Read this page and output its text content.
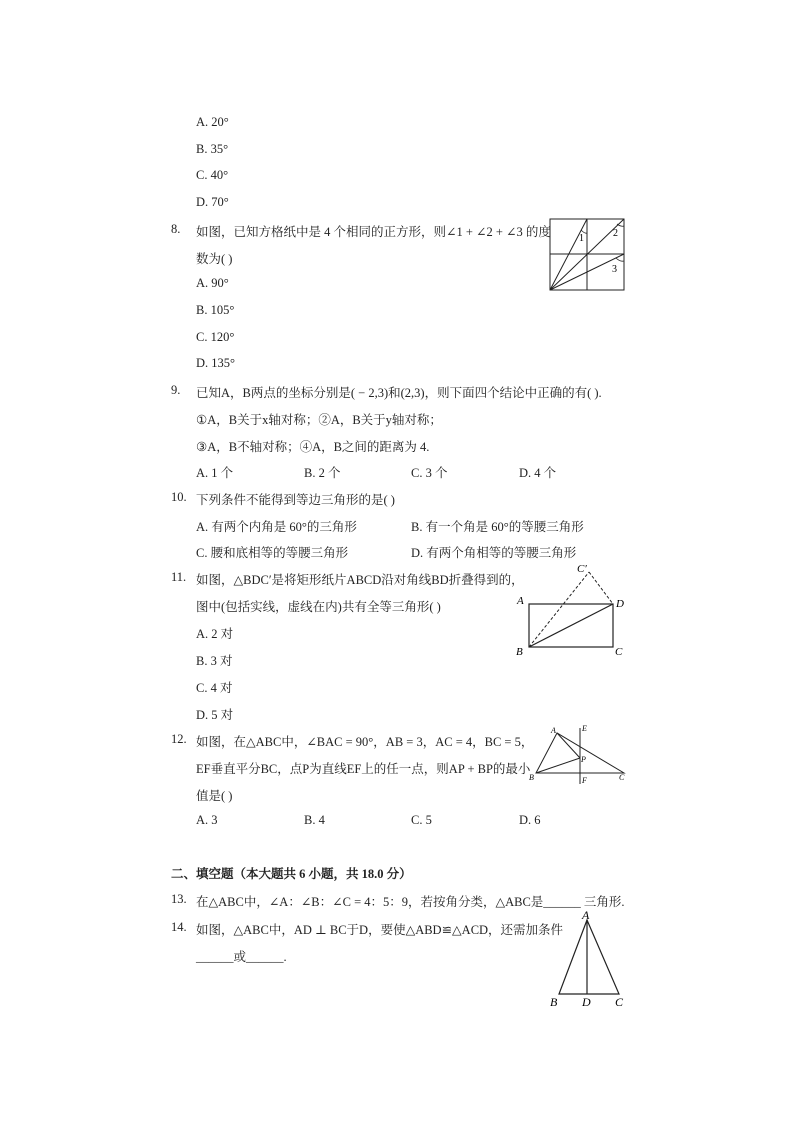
A. 20°
B. 35°
C. 40°
D. 70°
8. 如图，已知方格纸中是 4 个相同的正方形，则∠1 + ∠2 + ∠3 的度
数为( )
A. 90°
B. 105°
C. 120°
D. 135°
1	2
3
9. 已知A，B两点的坐标分别是( − 2,3)和(2,3)，则下面四个结论中正确的有( ).
①A，B关于x轴对称；②A，B关于y轴对称；
③A，B不轴对称；④A，B之间的距离为 4.
A. 1 个	B. 2 个	C. 3 个	D. 4 个
10. 下列条件不能得到等边三角形的是( )
A. 有两个内角是 60°的三角形	B. 有一个角是 60°的等腰三角形
C. 腰和底相等的等腰三角形	D. 有两个角相等的等腰三角形
11. 如图，△BDC′是将矩形纸片ABCD沿对角线BD折叠得到的，
图中(包括实线，虚线在内)共有全等三角形( )
A. 2 对
B. 3 对
C. 4 对
D. 5 对
A
B	C
D
C′
12. 如图，在△ABC中，∠BAC = 90°，AB = 3，AC = 4，BC = 5，
EF垂直平分BC，点P为直线EF上的任一点，则AP + BP的最小
值是( )
A. 3	B. 4	C. 5	D. 6
A
B	C
E
F
P
二、填空题（本大题共 6 小题，共 18.0 分）
13. 在△ABC中，∠A：∠B：∠C = 4：5：9，若按角分类，△ABC是______ 三角形.
14. 如图，△ABC中，AD ⊥ BC于D，要使△ABD≌△ACD，还需加条件
______或______.
A
B D C
